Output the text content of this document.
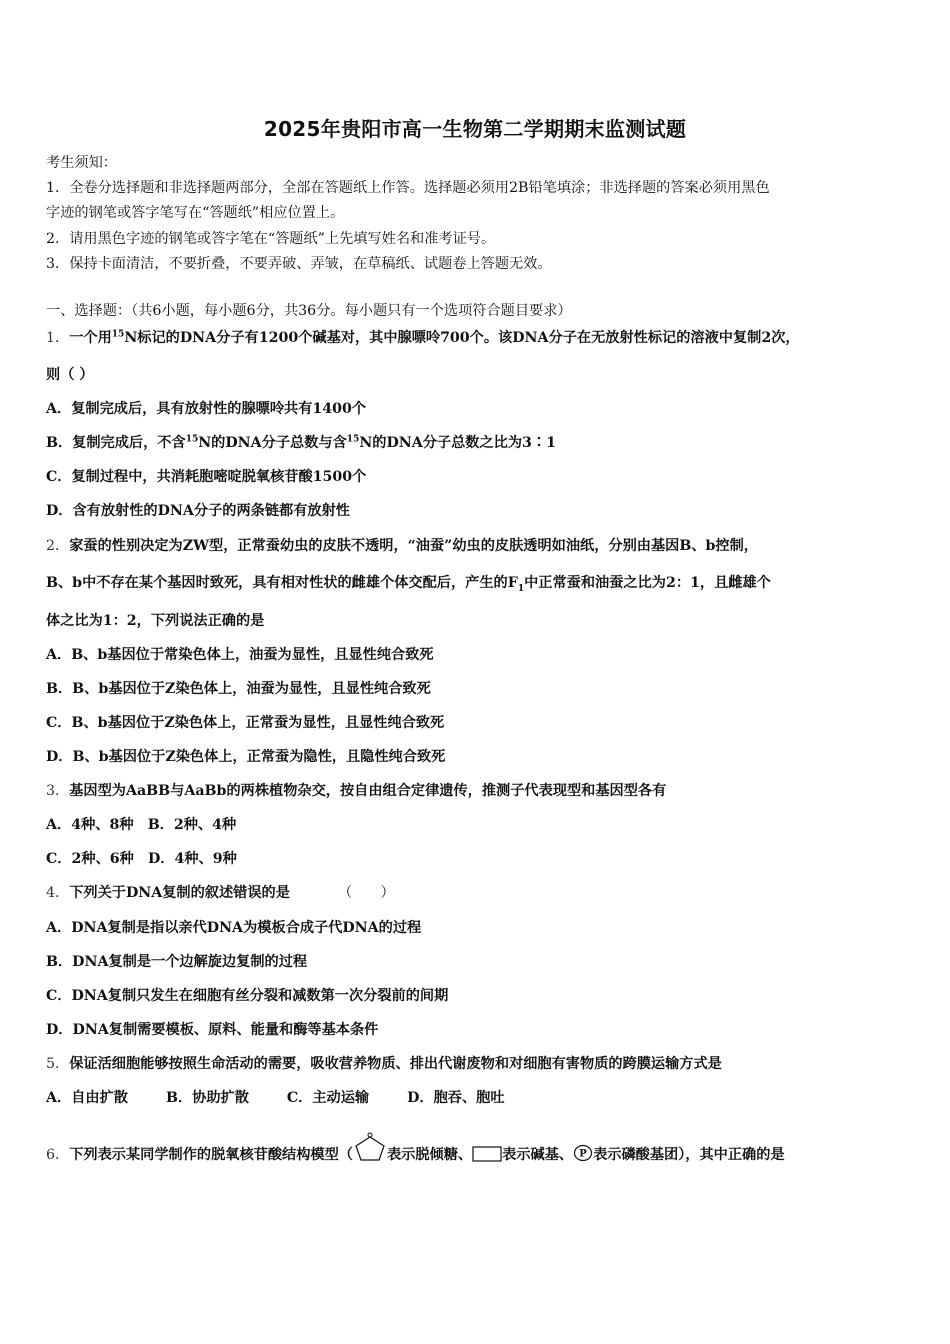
2025年贵阳市高一生物第二学期期末监测试题

考生须知：

1．全卷分选择题和非选择题两部分，全部在答题纸上作答。选择题必须用2B铅笔填涂；非选择题的答案必须用黑色

字迹的钢笔或答字笔写在“答题纸”相应位置上。

2．请用黑色字迹的钢笔或答字笔在“答题纸”上先填写姓名和准考证号。

3．保持卡面清洁，不要折叠，不要弄破、弄皱，在草稿纸、试题卷上答题无效。

一、选择题：（共6小题，每小题6分，共36分。每小题只有一个选项符合题目要求）
1．一个用$^{15}$N标记的DNA分子有1200个碱基对，其中腺嘌呤700个。该DNA分子在无放射性标记的溶液中复制2次，
则（ ）
A．复制完成后，具有放射性的腺嘌呤共有1400个
B．复制完成后，不含$^{15}$N的DNA分子总数与含$^{15}$N的DNA分子总数之比为3∶1
C．复制过程中，共消耗胞嘧啶脱氧核苷酸1500个
D．含有放射性的DNA分子的两条链都有放射性
2．家蚕的性别决定为ZW型，正常蚕幼虫的皮肤不透明，“油蚕”幼虫的皮肤透明如油纸，分别由基因B、b控制，
B、b中不存在某个基因时致死，具有相对性状的雌雄个体交配后，产生的$F_1$中正常蚕和油蚕之比为2：1，且雌雄个
体之比为1：2，下列说法正确的是
A．B、b基因位于常染色体上，油蚕为显性，且显性纯合致死
B．B、b基因位于Z染色体上，油蚕为显性，且显性纯合致死
C．B、b基因位于Z染色体上，正常蚕为显性，且显性纯合致死
D．B、b基因位于Z染色体上，正常蚕为隐性，且隐性纯合致死
3．基因型为AaBB与AaBb的两株植物杂交，按自由组合定律遗传，推测子代表现型和基因型各有
A．4种、8种　B．2种、4种
C．2种、6种　D．4种、9种
4．下列关于DNA复制的叙述错误的是	（　　）
A．DNA复制是指以亲代DNA为模板合成子代DNA的过程
B．DNA复制是一个边解旋边复制的过程
C．DNA复制只发生在细胞有丝分裂和减数第一次分裂前的间期
D．DNA复制需要模板、原料、能量和酶等基本条件
5．保证活细胞能够按照生命活动的需要，吸收营养物质、排出代谢废物和对细胞有害物质的跨膜运输方式是
A．自由扩散	B．协助扩散	C．主动运输	D．胞吞、胞吐
6．下列表示某同学制作的脱氧核苷酸结构模型（ 表示脱倾糖、 表示碱基、 P 表示磷酸基团），其中正确的是
